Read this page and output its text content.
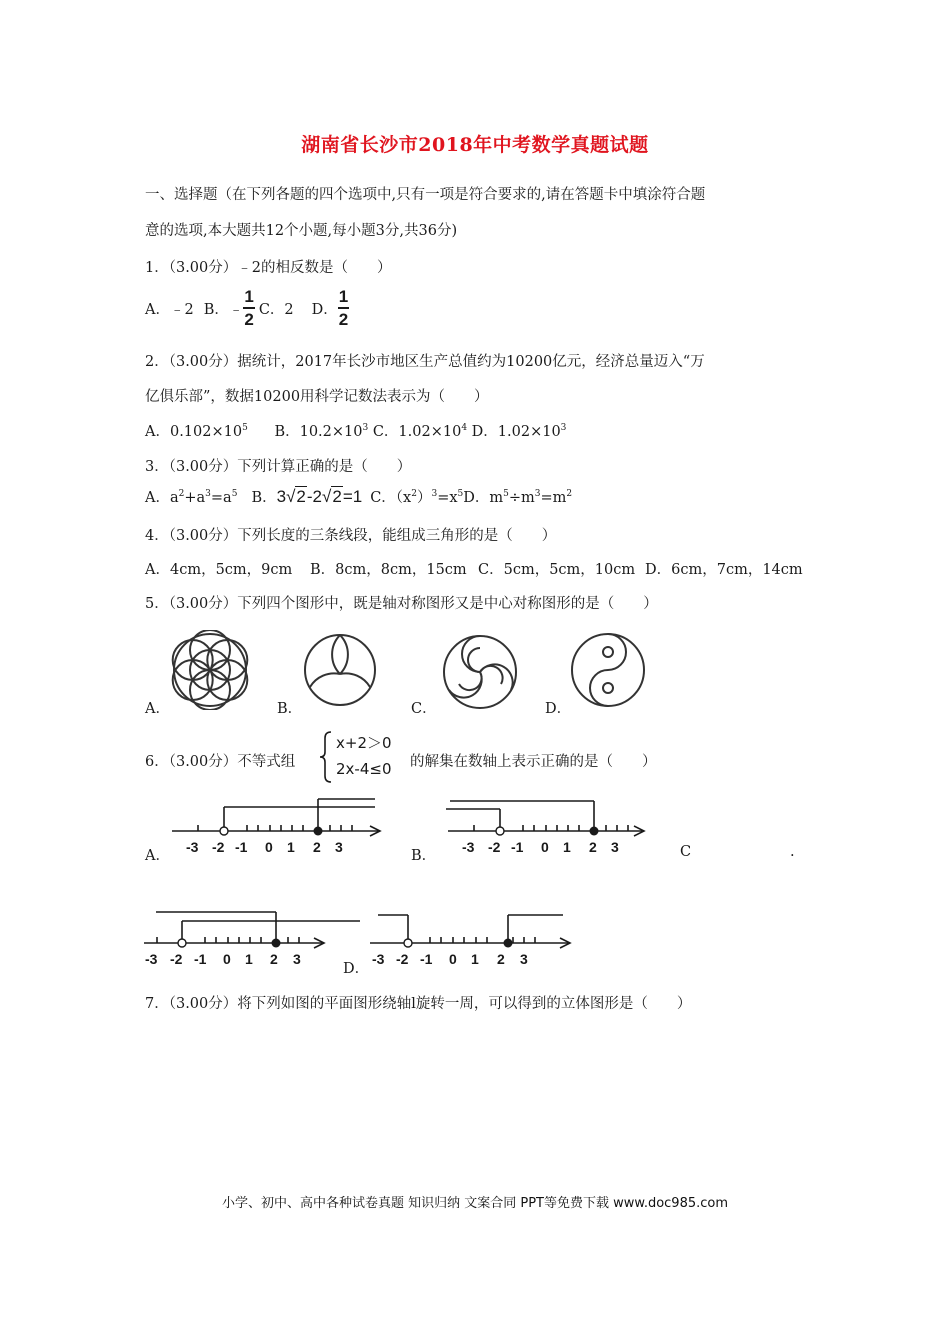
湖南省长沙市2018年中考数学真题试题
一、选择题（在下列各题的四个选项中,只有一项是符合要求的,请在答题卡中填涂符合题
意的选项,本大题共12个小题,每小题3分,共36分)
1．（3.00分）﹣2的相反数是（　　）
A．﹣2 B． ﹣ $\frac{1}{2}$ C．2 D． $\frac{1}{2}$
2．（3.00分）据统计，2017年长沙市地区生产总值约为10200亿元，经济总量迈入“万
亿俱乐部”，数据10200用科学记数法表示为（　　）
A．$0.102\times 10^5$ B．$10.2\times 10^3$ C．$1.02\times 10^4$ D．$1.02\times 10^3$
3．（3.00分）下列计算正确的是（　　）
A．$a^2+a^3=a^5$ B． 3√2-2√2=1 C．$(x^2)^3=x^5$ D．$m^5\div m^3=m^2$
4．（3.00分）下列长度的三条线段，能组成三角形的是（　　）
A．4cm，5cm，9cm B．8cm，8cm，15cm C．5cm，5cm，10cm D．6cm，7cm，14cm
5．（3.00分）下列四个图形中，既是轴对称图形又是中心对称图形的是（　　）
A．	B．	C．	D．
6．（3.00分）不等式组
x+2＞0
2x-4≤0 的解集在数轴上表示正确的是（　　）
-3 -2 -1 0 1 2 3
A．
-3 -2 -1 0 1 2 3
B．	C	.
-3 -2 -1 0 1 2 3	-3 -2 -1 0 1 2 3
D．
7．（3.00分）将下列如图的平面图形绕轴l旋转一周，可以得到的立体图形是（　　）
小学、初中、高中各种试卷真题 知识归纳 文案合同 PPT等免费下载 www.doc985.com
